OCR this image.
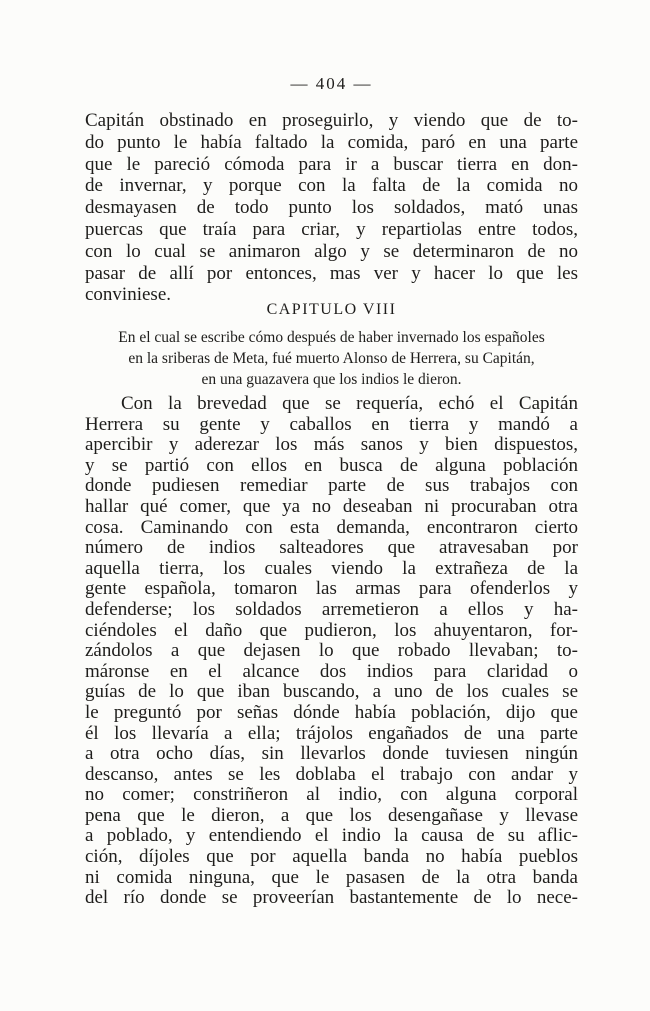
— 404 —
Capitán obstinado en proseguirlo, y viendo que de to-
do punto le había faltado la comida, paró en una parte
que le pareció cómoda para ir a buscar tierra en don-
de invernar, y porque con la falta de la comida no
desmayasen de todo punto los soldados, mató unas
puercas que traía para criar, y repartiolas entre todos,
con lo cual se animaron algo y se determinaron de no
pasar de allí por entonces, mas ver y hacer lo que les
conviniese.
CAPITULO VIII
En el cual se escribe cómo después de haber invernado los españoles
en la sriberas de Meta, fué muerto Alonso de Herrera, su Capitán,
en una guazavera que los indios le dieron.
Con la brevedad que se requería, echó el Capitán
Herrera su gente y caballos en tierra y mandó a
apercibir y aderezar los más sanos y bien dispuestos,
y se partió con ellos en busca de alguna población
donde pudiesen remediar parte de sus trabajos con
hallar qué comer, que ya no deseaban ni procuraban otra
cosa. Caminando con esta demanda, encontraron cierto
número de indios salteadores que atravesaban por
aquella tierra, los cuales viendo la extrañeza de la
gente española, tomaron las armas para ofenderlos y
defenderse; los soldados arremetieron a ellos y ha-
ciéndoles el daño que pudieron, los ahuyentaron, for-
zándolos a que dejasen lo que robado llevaban; to-
máronse en el alcance dos indios para claridad o
guías de lo que iban buscando, a uno de los cuales se
le preguntó por señas dónde había población, dijo que
él los llevaría a ella; trájolos engañados de una parte
a otra ocho días, sin llevarlos donde tuviesen ningún
descanso, antes se les doblaba el trabajo con andar y
no comer; constriñeron al indio, con alguna corporal
pena que le dieron, a que los desengañase y llevase
a poblado, y entendiendo el indio la causa de su aflic-
ción, díjoles que por aquella banda no había pueblos
ni comida ninguna, que le pasasen de la otra banda
del río donde se proveerían bastantemente de lo nece-
